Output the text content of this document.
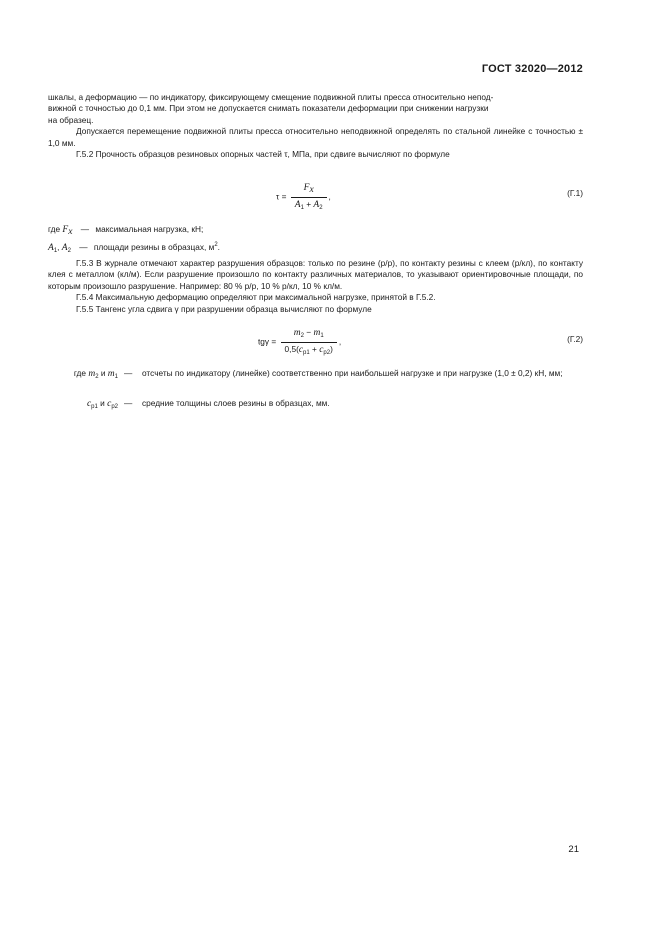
ГОСТ 32020—2012

шкалы, а деформацию — по индикатору, фиксирующему смещение подвижной плиты пресса относительно непод-

вижной с точностью до 0,1 мм. При этом не допускается снимать показатели деформации при снижении нагрузки

на образец.

Допускается перемещение подвижной плиты пресса относительно неподвижной определять по стальной линейке с точностью ± 1,0 мм.

Г.5.2 Прочность образцов резиновых опорных частей τ, МПа, при сдвиге вычисляют по формуле

$\tau = \frac{F_x}{A_1 + A_2}$ ,	(Г.1)
где $F_x$ — максимальная нагрузка, кН;
$A_1$, $A_2$ — площади резины в образцах, $м^2$.

Г.5.3 В журнале отмечают характер разрушения образцов: только по резине (р/р), по контакту резины с клеем (р/кл), по контакту клея с металлом (кл/м). Если разрушение произошло по контакту различных материалов, то указывают ориентировочные площади, по которым произошло разрушение. Например: 80 % р/р, 10 % р/кл, 10 % кл/м.

Г.5.4 Максимальную деформацию определяют при максимальной нагрузке, принятой в Г.5.2.

Г.5.5 Тангенс угла сдвига γ при разрушении образца вычисляют по формуле

$tg\gamma = \frac{m_2 - m_1}{0,5(c_{p1} + c_{p2})}$ ,	(Г.2)
где $m_2$ и $m_1$ — отсчеты по индикатору (линейке) соответственно при наибольшей нагрузке и при нагрузке (1,0 ± 0,2) кН, мм;
$c_{p1}$ и $c_{p2}$ — средние толщины слоев резины в образцах, мм.
21
